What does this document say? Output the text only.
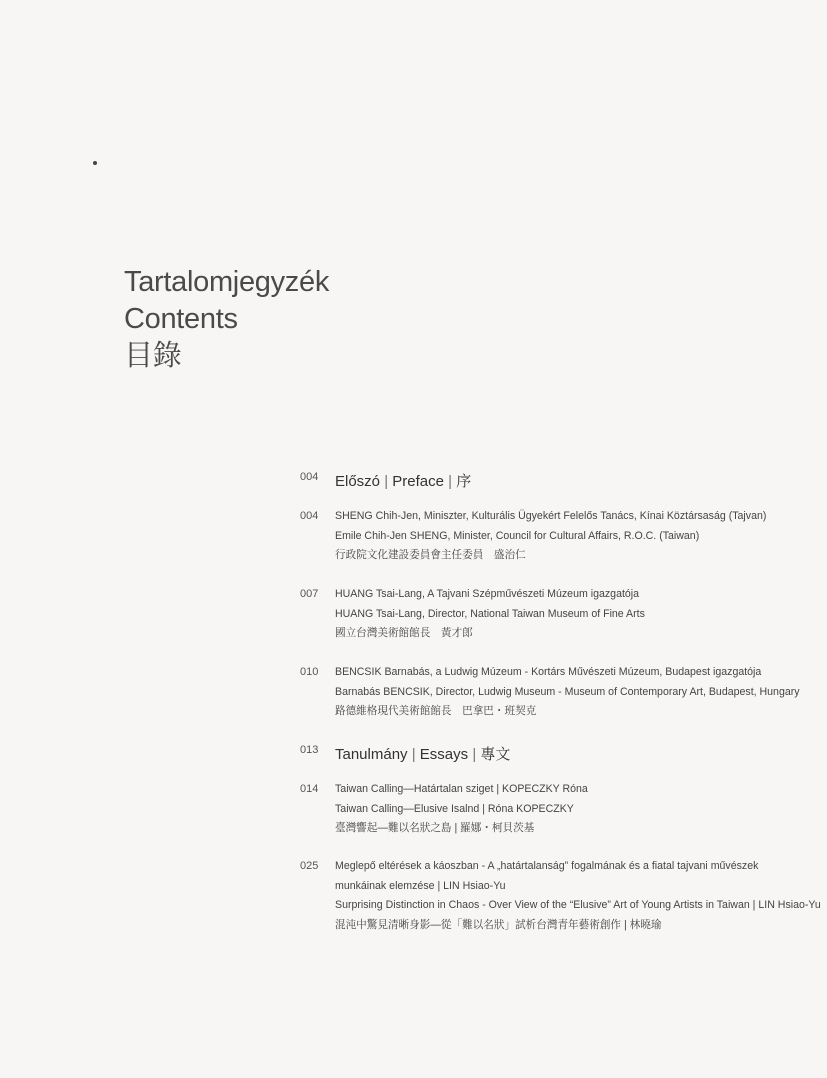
Tartalomjegyzék
Contents
目錄
004 Előszó | Preface | 序
004 SHENG Chih-Jen, Miniszter, Kulturális Ügyekért Felelős Tanács, Kínai Köztársaság (Tajvan)
Emile Chih-Jen SHENG, Minister, Council for Cultural Affairs, R.O.C. (Taiwan)
行政院文化建設委員會主任委員　盛治仁
007 HUANG Tsai-Lang, A Tajvani Szépművészeti Múzeum igazgatója
HUANG Tsai-Lang, Director, National Taiwan Museum of Fine Arts
國立台灣美術館館長　黃才郎
010 BENCSIK Barnabás, a Ludwig Múzeum - Kortárs Művészeti Múzeum, Budapest igazgatója
Barnabás BENCSIK, Director, Ludwig Museum - Museum of Contemporary Art, Budapest, Hungary
路德維格現代美術館館長　巴拿巴・班契克
013 Tanulmány | Essays | 專文
014 Taiwan Calling—Határtalan sziget | KOPECZKY Róna
Taiwan Calling—Elusive Isalnd | Róna KOPECZKY
臺灣響起—難以名狀之島 | 羅娜・柯貝茨基
025 Meglepő eltérések a káoszban - A „határtalanság” fogalmának és a fiatal tajvani művészek munkáinak elemzése | LIN Hsiao-Yu
Surprising Distinction in Chaos - Over View of the “Elusive” Art of Young Artists in Taiwan | LIN Hsiao-Yu
混沌中驚見清晰身影—從「難以名狀」試析台灣青年藝術創作 | 林曉瑜
